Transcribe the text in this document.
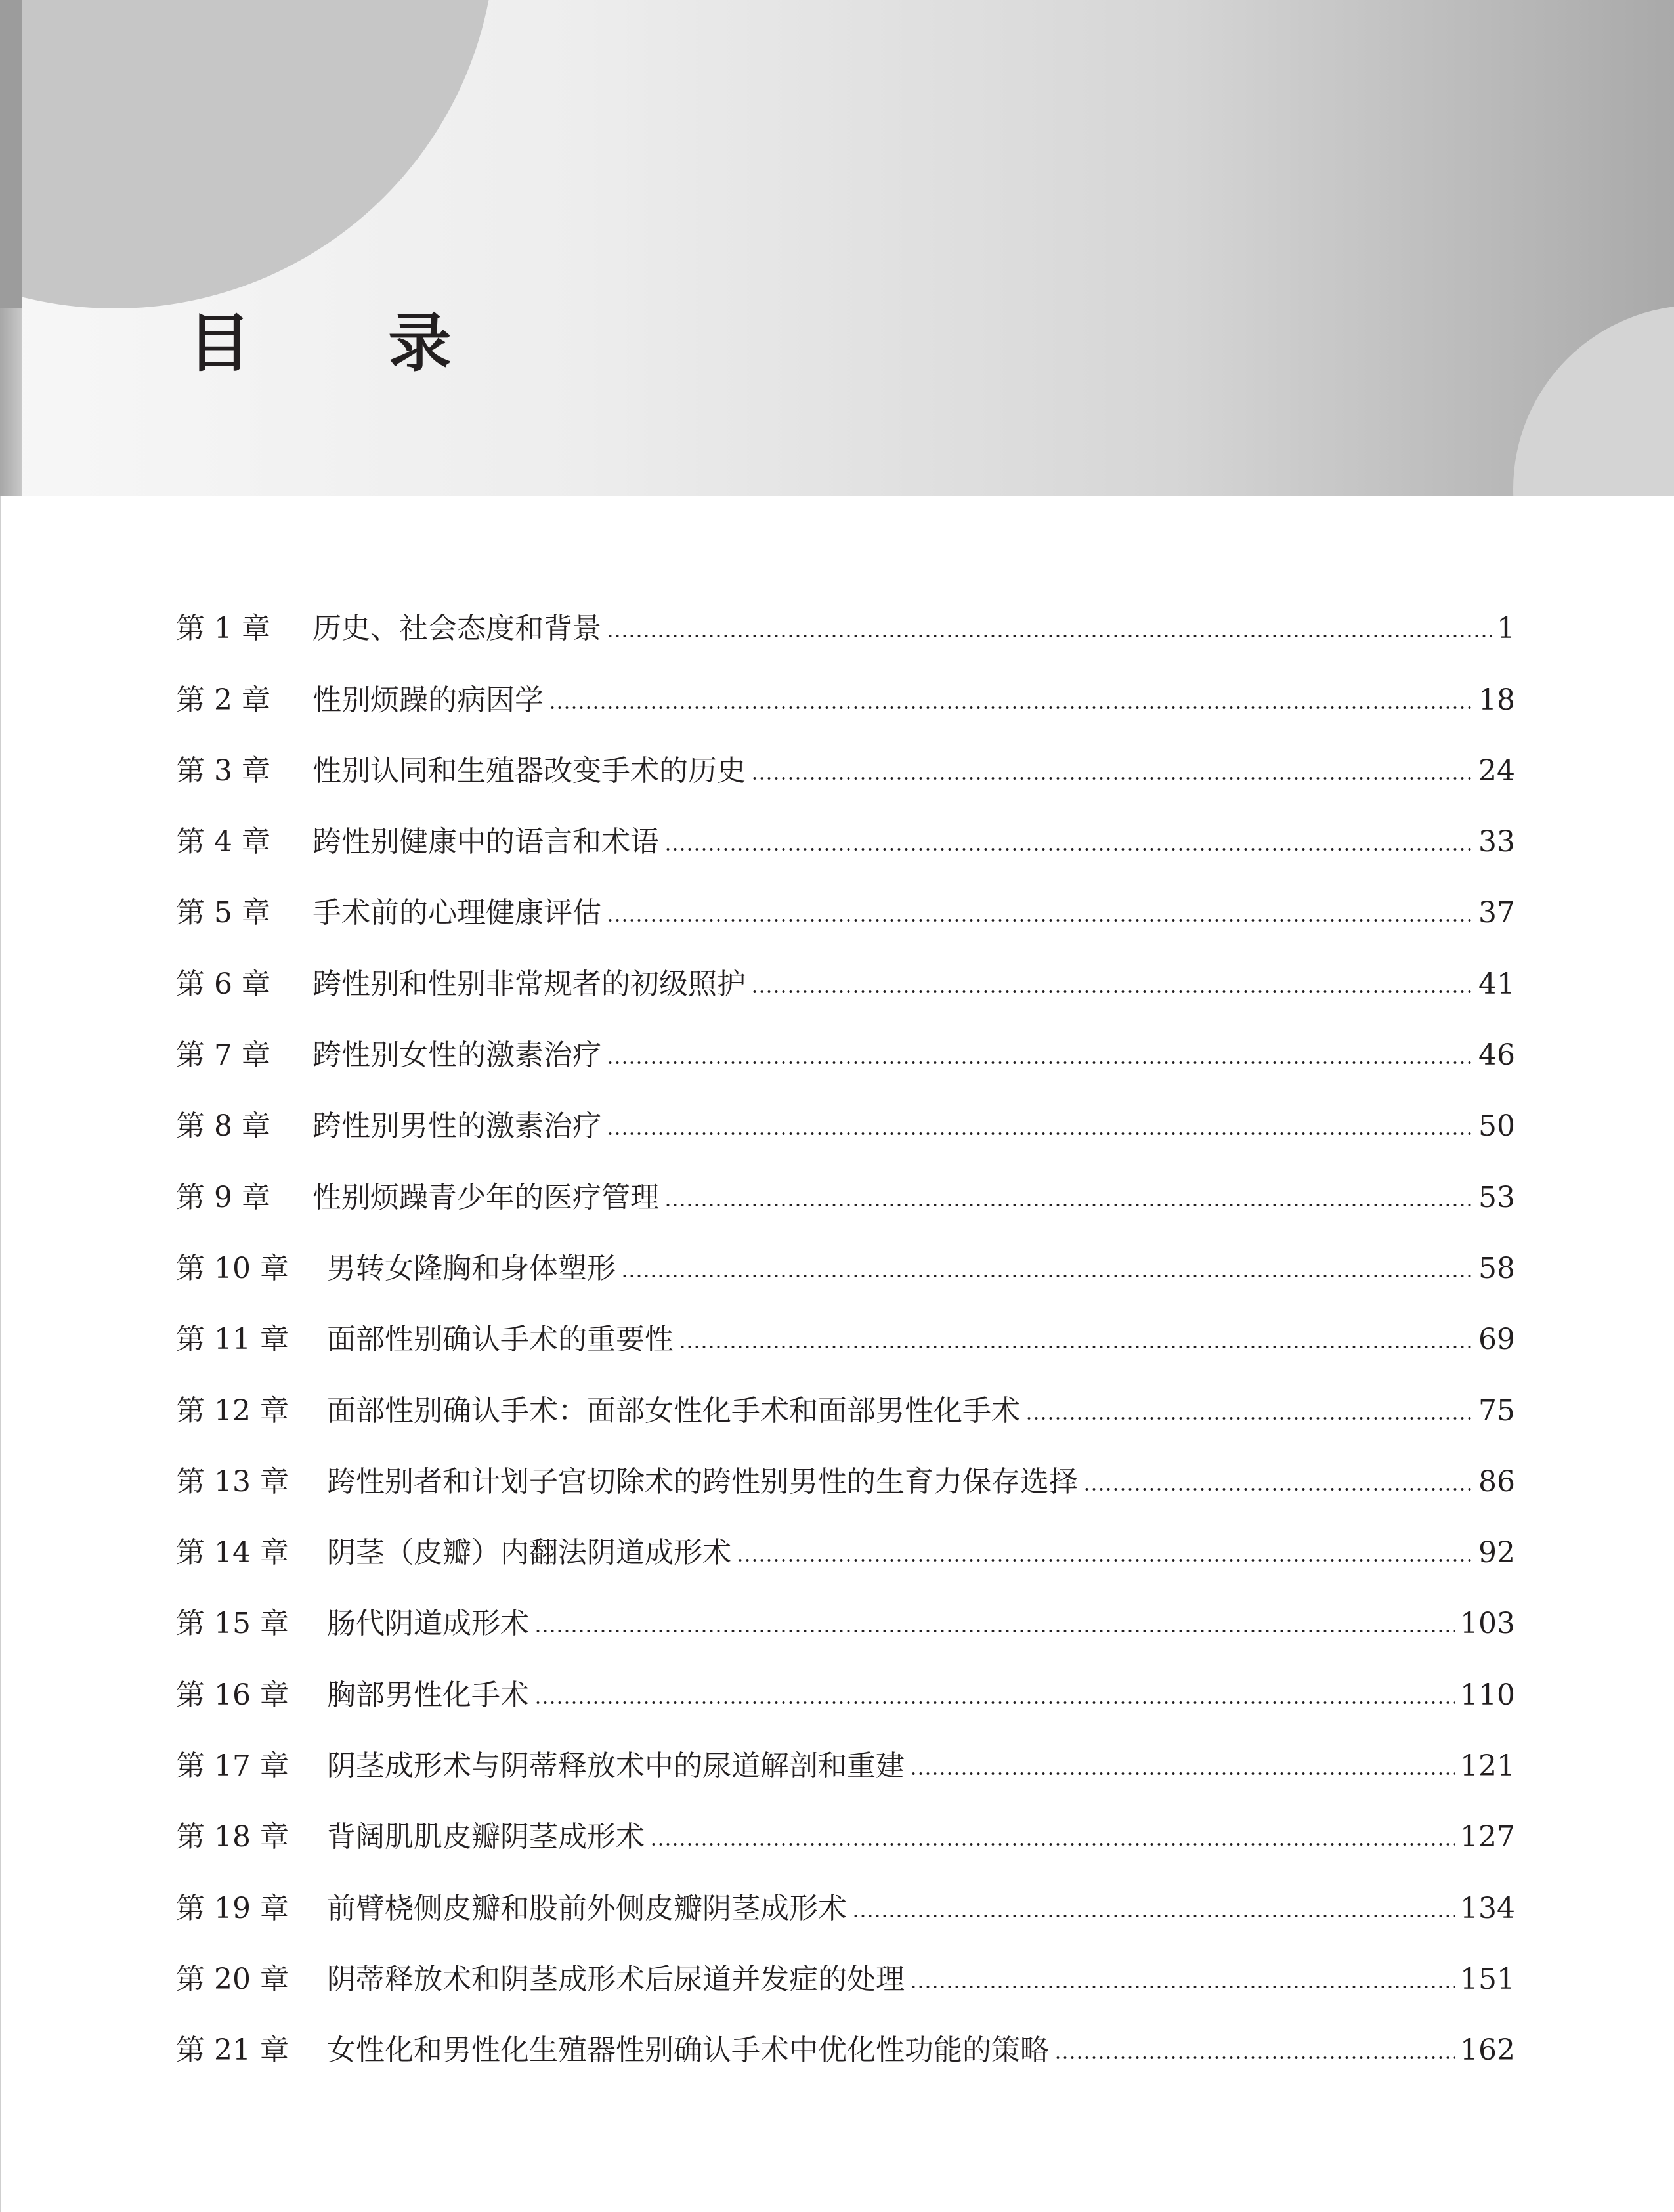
目 录
第 1 章	历史、社会态度和背景	1
第 2 章	性别烦躁的病因学	18
第 3 章	性别认同和生殖器改变手术的历史	24
第 4 章	跨性别健康中的语言和术语	33
第 5 章	手术前的心理健康评估	37
第 6 章	跨性别和性别非常规者的初级照护	41
第 7 章	跨性别女性的激素治疗	46
第 8 章	跨性别男性的激素治疗	50
第 9 章	性别烦躁青少年的医疗管理	53
第 10 章	男转女隆胸和身体塑形	58
第 11 章	面部性别确认手术的重要性	69
第 12 章	面部性别确认手术：面部女性化手术和面部男性化手术	75
第 13 章	跨性别者和计划子宫切除术的跨性别男性的生育力保存选择	86
第 14 章	阴茎（皮瓣）内翻法阴道成形术	92
第 15 章	肠代阴道成形术	103
第 16 章	胸部男性化手术	110
第 17 章	阴茎成形术与阴蒂释放术中的尿道解剖和重建	121
第 18 章	背阔肌肌皮瓣阴茎成形术	127
第 19 章	前臂桡侧皮瓣和股前外侧皮瓣阴茎成形术	134
第 20 章	阴蒂释放术和阴茎成形术后尿道并发症的处理	151
第 21 章	女性化和男性化生殖器性别确认手术中优化性功能的策略	162
